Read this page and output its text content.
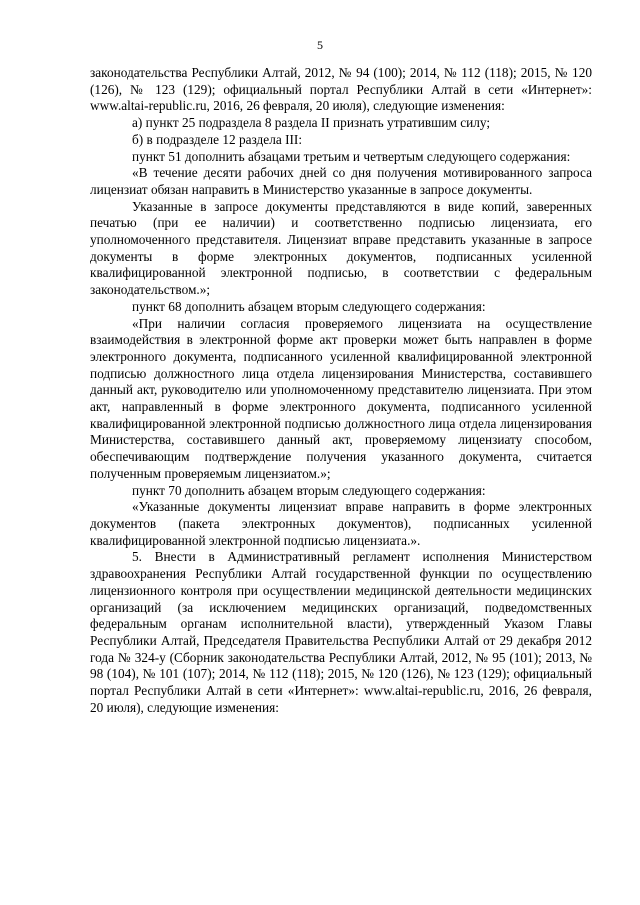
5

законодательства Республики Алтай, 2012, № 94 (100); 2014, № 112 (118); 2015, № 120 (126), № 123 (129); официальный портал Республики Алтай в сети «Интернет»: www.altai-republic.ru, 2016, 26 февраля, 20 июля), следующие изменения:

а) пункт 25 подраздела 8 раздела II признать утратившим силу;

б) в подразделе 12 раздела III:

пункт 51 дополнить абзацами третьим и четвертым следующего содержания:

«В течение десяти рабочих дней со дня получения мотивированного запроса лицензиат обязан направить в Министерство указанные в запросе документы.

Указанные в запросе документы представляются в виде копий, заверенных печатью (при ее наличии) и соответственно подписью лицензиата, его уполномоченного представителя. Лицензиат вправе представить указанные в запросе документы в форме электронных документов, подписанных усиленной квалифицированной электронной подписью, в соответствии с федеральным законодательством.»;

пункт 68 дополнить абзацем вторым следующего содержания:

«При наличии согласия проверяемого лицензиата на осуществление взаимодействия в электронной форме акт проверки может быть направлен в форме электронного документа, подписанного усиленной квалифицированной электронной подписью должностного лица отдела лицензирования Министерства, составившего данный акт, руководителю или уполномоченному представителю лицензиата. При этом акт, направленный в форме электронного документа, подписанного усиленной квалифицированной электронной подписью должностного лица отдела лицензирования Министерства, составившего данный акт, проверяемому лицензиату способом, обеспечивающим подтверждение получения указанного документа, считается полученным проверяемым лицензиатом.»;

пункт 70 дополнить абзацем вторым следующего содержания:

«Указанные документы лицензиат вправе направить в форме электронных документов (пакета электронных документов), подписанных усиленной квалифицированной электронной подписью лицензиата.».

5. Внести в Административный регламент исполнения Министерством здравоохранения Республики Алтай государственной функции по осуществлению лицензионного контроля при осуществлении медицинской деятельности медицинских организаций (за исключением медицинских организаций, подведомственных федеральным органам исполнительной власти), утвержденный Указом Главы Республики Алтай, Председателя Правительства Республики Алтай от 29 декабря 2012 года № 324-у (Сборник законодательства Республики Алтай, 2012, № 95 (101); 2013, № 98 (104), № 101 (107); 2014, № 112 (118); 2015, № 120 (126), № 123 (129); официальный портал Республики Алтай в сети «Интернет»: www.altai-republic.ru, 2016, 26 февраля, 20 июля), следующие изменения:
